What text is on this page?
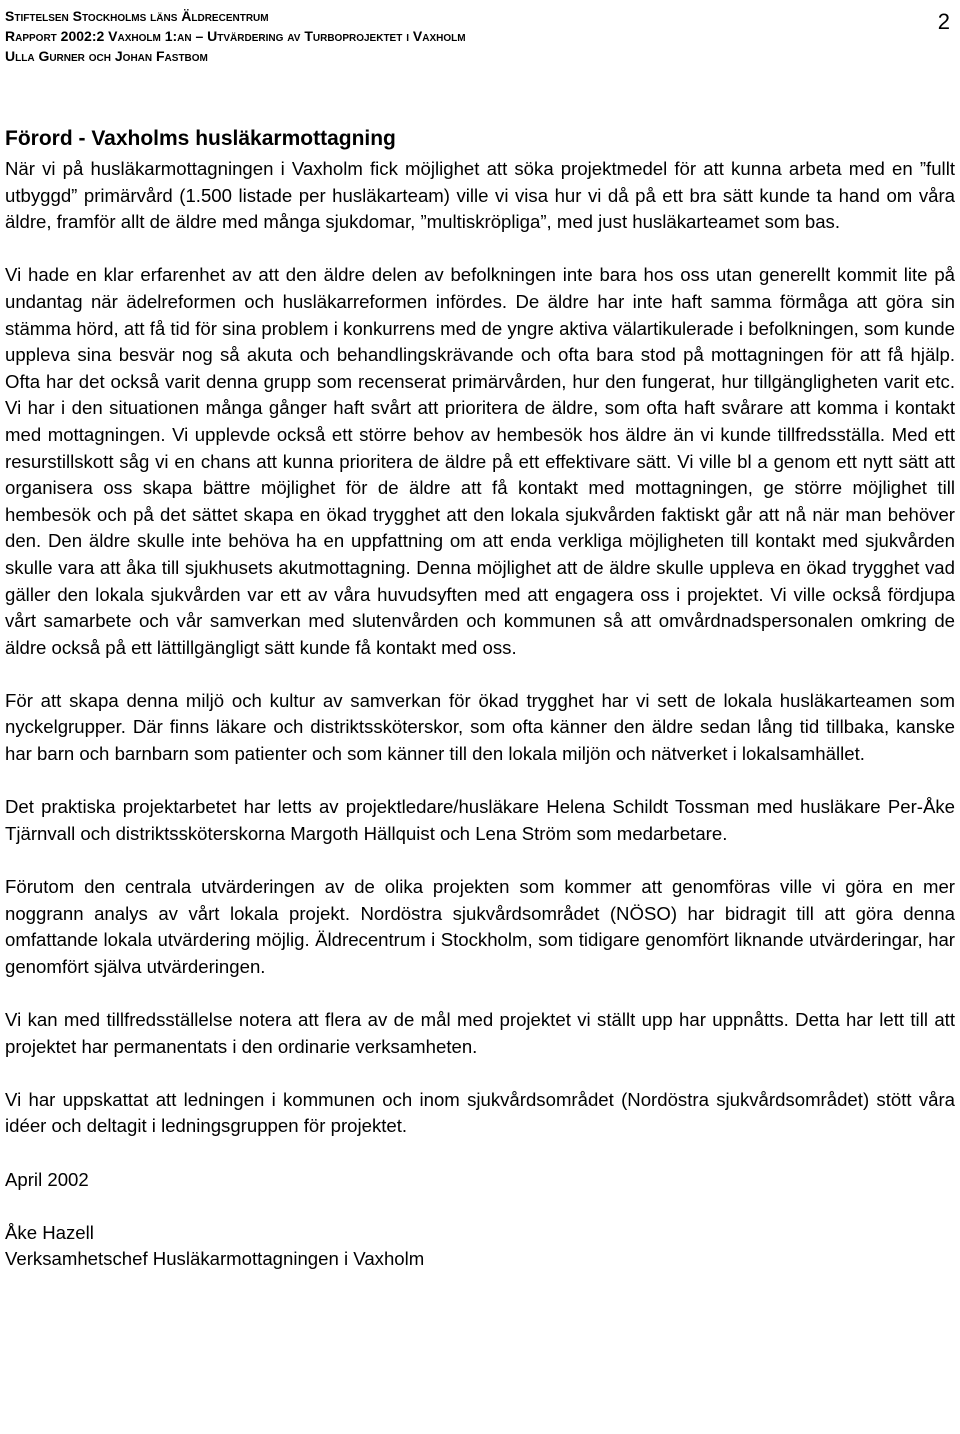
Stiftelsen Stockholms läns Äldrecentrum
Rapport 2002:2 Vaxholm 1:an – Utvärdering av Turboprojektet i Vaxholm
Ulla Gurner och Johan Fastbom
2
Förord - Vaxholms husläkarmottagning

När vi på husläkarmottagningen i Vaxholm fick möjlighet att söka projektmedel för att kunna arbeta med en ”fullt utbyggd” primärvård (1.500 listade per husläkarteam) ville vi visa hur vi då på ett bra sätt kunde ta hand om våra äldre, framför allt de äldre med många sjukdomar, ”multiskröpliga”, med just husläkarteamet som bas.

Vi hade en klar erfarenhet av att den äldre delen av befolkningen inte bara hos oss utan generellt kommit lite på undantag när ädelreformen och husläkarreformen infördes. De äldre har inte haft samma förmåga att göra sin stämma hörd, att få tid för sina problem i konkurrens med de yngre aktiva välartikulerade i befolkningen, som kunde uppleva sina besvär nog så akuta och behandlingskrävande och ofta bara stod på mottagningen för att få hjälp. Ofta har det också varit denna grupp som recenserat primärvården, hur den fungerat, hur tillgängligheten varit etc. Vi har i den situationen många gånger haft svårt att prioritera de äldre, som ofta haft svårare att komma i kontakt med mottagningen. Vi upplevde också ett större behov av hembesök hos äldre än vi kunde tillfredsställa. Med ett resurstillskott såg vi en chans att kunna prioritera de äldre på ett effektivare sätt. Vi ville bl a genom ett nytt sätt att organisera oss skapa bättre möjlighet för de äldre att få kontakt med mottagningen, ge större möjlighet till hembesök och på det sättet skapa en ökad trygghet att den lokala sjukvården faktiskt går att nå när man behöver den. Den äldre skulle inte behöva ha en uppfattning om att enda verkliga möjligheten till kontakt med sjukvården skulle vara att åka till sjukhusets akutmottagning. Denna möjlighet att de äldre skulle uppleva en ökad trygghet vad gäller den lokala sjukvården var ett av våra huvudsyften med att engagera oss i projektet. Vi ville också fördjupa vårt samarbete och vår samverkan med slutenvården och kommunen så att omvårdnadspersonalen omkring de äldre också på ett lättillgängligt sätt kunde få kontakt med oss.

För att skapa denna miljö och kultur av samverkan för ökad trygghet har vi sett de lokala husläkarteamen som nyckelgrupper. Där finns läkare och distriktssköterskor, som ofta känner den äldre sedan lång tid tillbaka, kanske har barn och barnbarn som patienter och som känner till den lokala miljön och nätverket i lokalsamhället.

Det praktiska projektarbetet har letts av projektledare/husläkare Helena Schildt Tossman med husläkare Per-Åke Tjärnvall och distriktssköterskorna Margoth Hällquist och Lena Ström som medarbetare.

Förutom den centrala utvärderingen av de olika projekten som kommer att genomföras ville vi göra en mer noggrann analys av vårt lokala projekt. Nordöstra sjukvårdsområdet (NÖSO) har bidragit till att göra denna omfattande lokala utvärdering möjlig. Äldrecentrum i Stockholm, som tidigare genomfört liknande utvärderingar, har genomfört själva utvärderingen.

Vi kan med tillfredsställelse notera att flera av de mål med projektet vi ställt upp har uppnåtts. Detta har lett till att projektet har permanentats i den ordinarie verksamheten.

Vi har uppskattat att ledningen i kommunen och inom sjukvårdsområdet (Nordöstra sjukvårdsområdet) stött våra idéer och deltagit i ledningsgruppen för projektet.

April 2002

Åke Hazell

Verksamhetschef Husläkarmottagningen i Vaxholm
